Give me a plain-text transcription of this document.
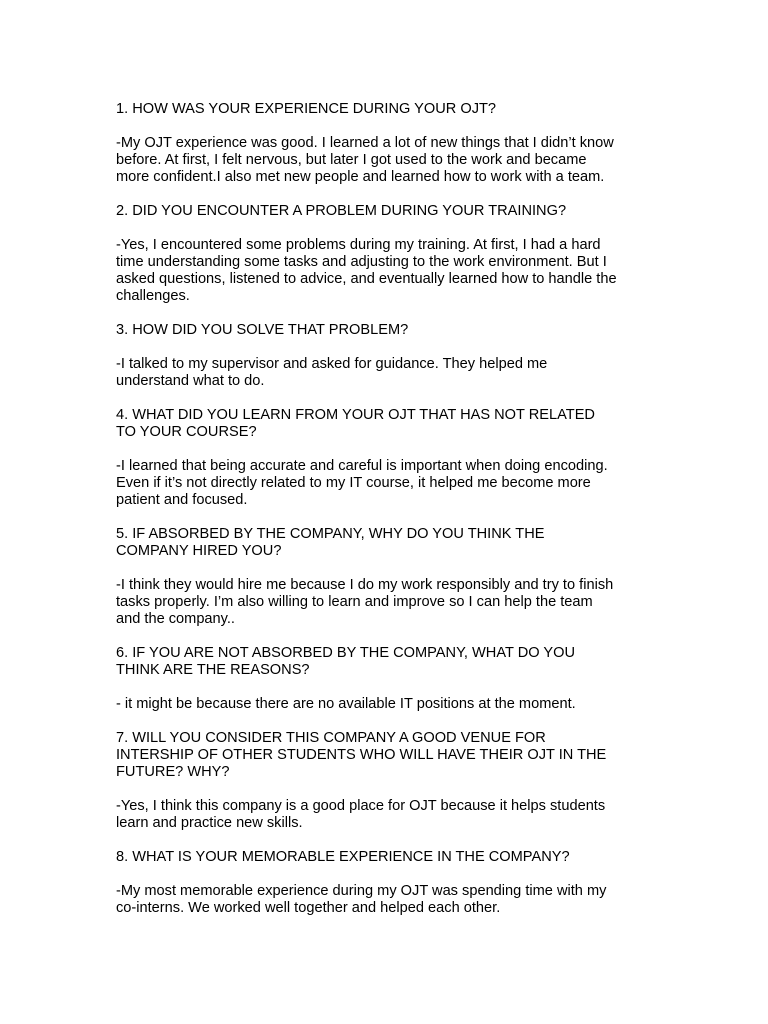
1. HOW WAS YOUR EXPERIENCE DURING YOUR OJT?

-My OJT experience was good. I learned a lot of new things that I didn’t know
before. At first, I felt nervous, but later I got used to the work and became
more confident.I also met new people and learned how to work with a team.

2. DID YOU ENCOUNTER A PROBLEM DURING YOUR TRAINING?

-Yes, I encountered some problems during my training. At first, I had a hard
time understanding some tasks and adjusting to the work environment. But I
asked questions, listened to advice, and eventually learned how to handle the
challenges.

3. HOW DID YOU SOLVE THAT PROBLEM?

-I talked to my supervisor and asked for guidance. They helped me
understand what to do.

4. WHAT DID YOU LEARN FROM YOUR OJT THAT HAS NOT RELATED
TO YOUR COURSE?

-I learned that being accurate and careful is important when doing encoding.
Even if it’s not directly related to my IT course, it helped me become more
patient and focused.

5. IF ABSORBED BY THE COMPANY, WHY DO YOU THINK THE
COMPANY HIRED YOU?

-I think they would hire me because I do my work responsibly and try to finish
tasks properly. I’m also willing to learn and improve so I can help the team
and the company..

6. IF YOU ARE NOT ABSORBED BY THE COMPANY, WHAT DO YOU
THINK ARE THE REASONS?

- it might be because there are no available IT positions at the moment.

7. WILL YOU CONSIDER THIS COMPANY A GOOD VENUE FOR
INTERSHIP OF OTHER STUDENTS WHO WILL HAVE THEIR OJT IN THE
FUTURE? WHY?

-Yes, I think this company is a good place for OJT because it helps students
learn and practice new skills.

8. WHAT IS YOUR MEMORABLE EXPERIENCE IN THE COMPANY?

-My most memorable experience during my OJT was spending time with my
co-interns. We worked well together and helped each other.
